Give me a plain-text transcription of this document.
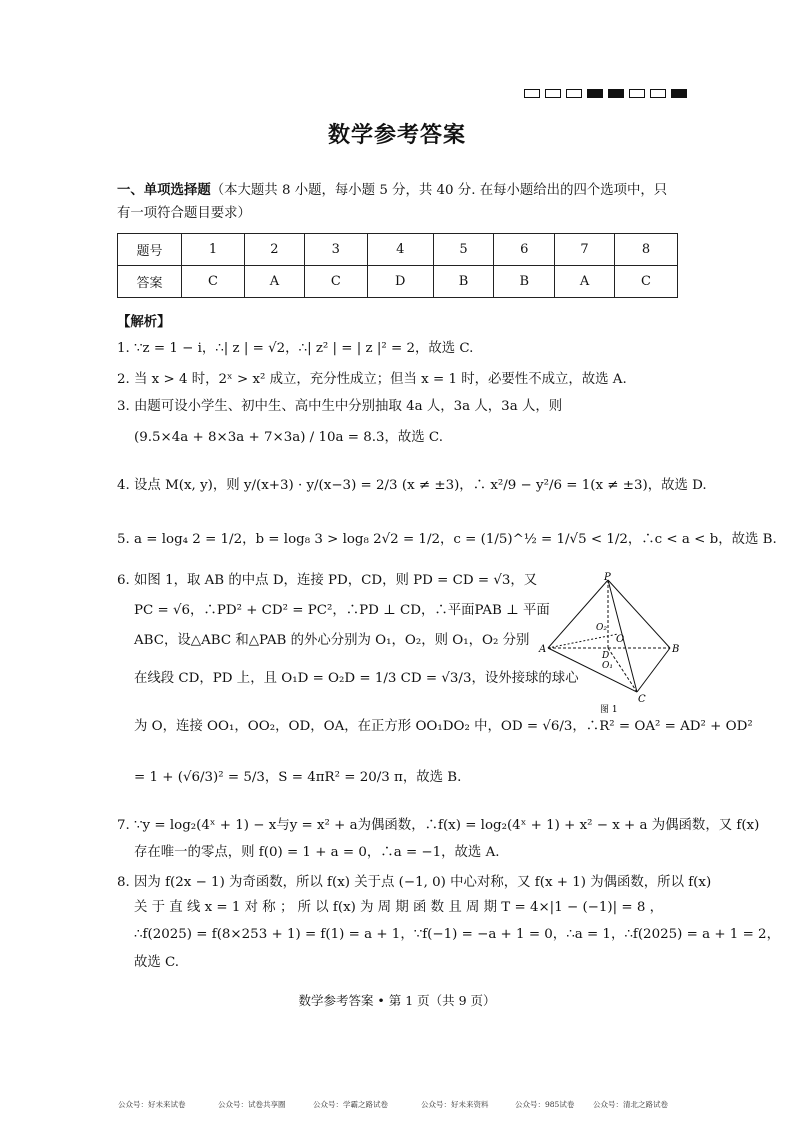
数学参考答案
一、单项选择题（本大题共 8 小题，每小题 5 分，共 40 分. 在每小题给出的四个选项中，只
有一项符合题目要求）
题号	1	2	3	4	5	6	7	8
答案	C	A	C	D	B	B	A	C
【解析】
1. ∵z = 1 − i，∴| z | = √2，∴| z² | = | z |² = 2，故选 C.
2. 当 x > 4 时，2ˣ > x² 成立，充分性成立；但当 x = 1 时，必要性不成立，故选 A.
3. 由题可设小学生、初中生、高中生中分别抽取 4a 人，3a 人，3a 人，则
(9.5×4a + 8×3a + 7×3a) / 10a = 8.3，故选 C.
4. 设点 M(x, y)，则 y/(x+3) · y/(x−3) = 2/3 (x ≠ ±3)，∴ x²/9 − y²/6 = 1(x ≠ ±3)，故选 D.
5. a = log₄ 2 = 1/2，b = log₈ 3 > log₈ 2√2 = 1/2，c = (1/5)^½ = 1/√5 < 1/2，∴c < a < b，故选 B.
6. 如图 1，取 AB 的中点 D，连接 PD，CD，则 PD = CD = √3，又
PC = √6，∴PD² + CD² = PC²，∴PD ⊥ CD，∴平面PAB ⊥ 平面
ABC，设△ABC 和△PAB 的外心分别为 O₁，O₂，则 O₁，O₂ 分别
在线段 CD，PD 上，且 O₁D = O₂D = 1/3 CD = √3/3，设外接球的球心
为 O，连接 OO₁，OO₂，OD，OA，在正方形 OO₁DO₂ 中，OD = √6/3，∴R² = OA² = AD² + OD²
= 1 + (√6/3)² = 5/3，S = 4πR² = 20/3 π，故选 B.
P
A	B
C
O
O₂
O₁
D
图 1
7. ∵y = log₂(4ˣ + 1) − x与y = x² + a为偶函数，∴f(x) = log₂(4ˣ + 1) + x² − x + a 为偶函数，又 f(x)
存在唯一的零点，则 f(0) = 1 + a = 0，∴a = −1，故选 A.
8. 因为 f(2x − 1) 为奇函数，所以 f(x) 关于点 (−1, 0) 中心对称，又 f(x + 1) 为偶函数，所以 f(x)
关 于 直 线 x = 1 对 称 ； 所 以 f(x) 为 周 期 函 数 且 周 期 T = 4×|1 − (−1)| = 8 ，
∴f(2025) = f(8×253 + 1) = f(1) = a + 1，∵f(−1) = −a + 1 = 0，∴a = 1，∴f(2025) = a + 1 = 2，
故选 C.
数学参考答案 • 第 1 页（共 9 页）
公众号：好未来试卷	公众号：试卷共享圈	公众号：学霸之路试卷	公众号：好未来资料	公众号：985试卷 公众号：清北之路试卷
